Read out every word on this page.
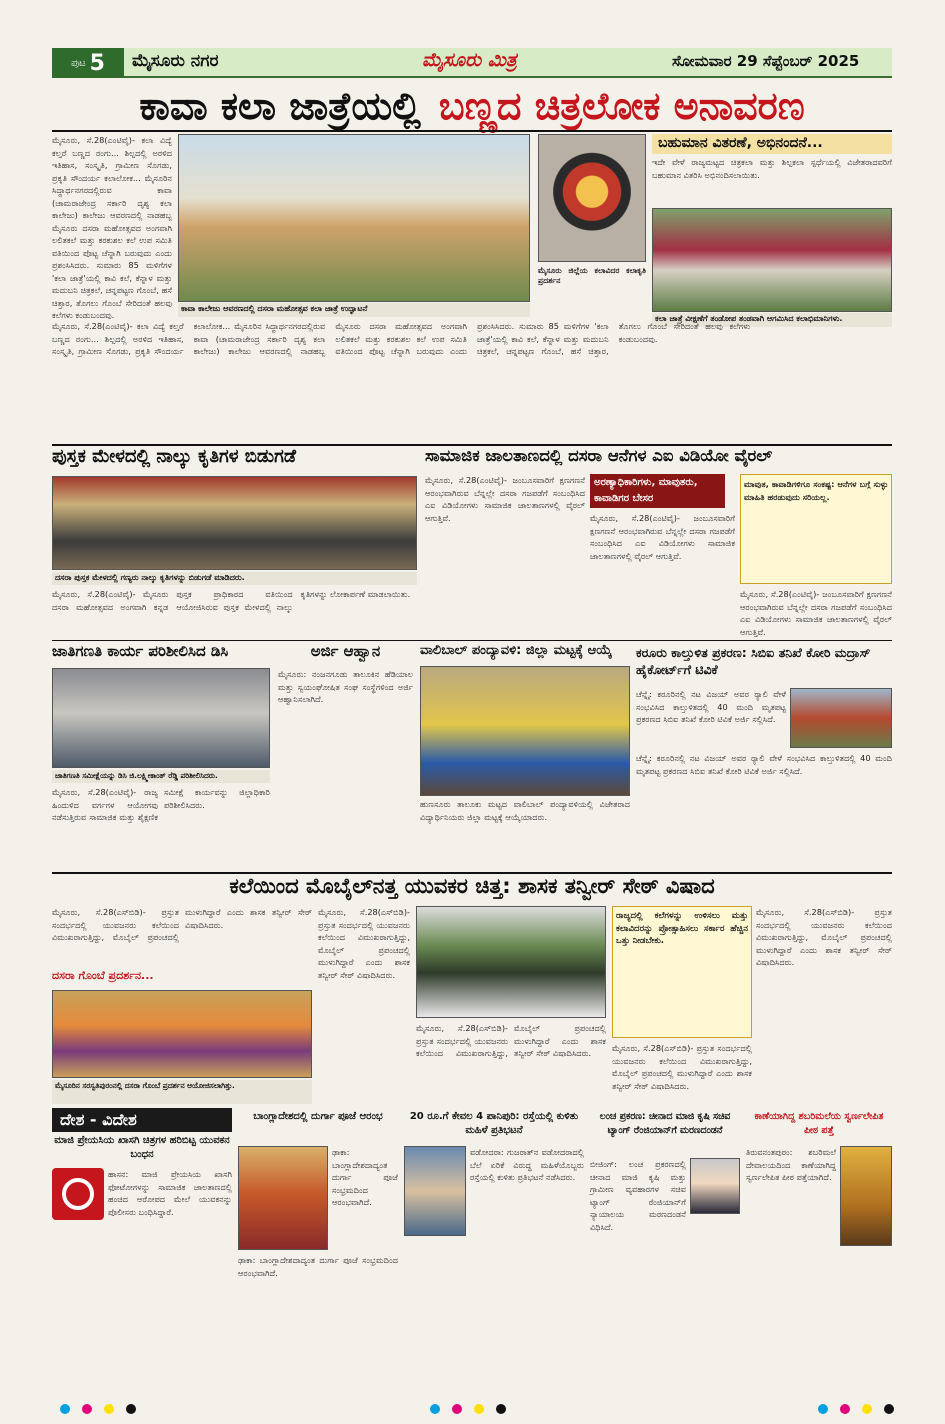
ಪುಟ 5 ಮೈಸೂರು ನಗರ	ಮೈಸೂರು ಮಿತ್ರ	ಸೋಮವಾರ 29 ಸೆಪ್ಟೆಂಬರ್ 2025
ಕಾವಾ ಕಲಾ ಜಾತ್ರೆಯಲ್ಲಿ ಬಣ್ಣದ ಚಿತ್ರಲೋಕ ಅನಾವರಣ
ಮೈಸೂರು, ಸೆ.28(ಎಂಟಿವೈ)- ಕಲಾ ವಿದ್ಯೆ ಕಲ್ತರೆ ಬಣ್ಣದ ರಂಗು... ಶಿಲ್ಪದಲ್ಲಿ ಅರಳಿದ ಇತಿಹಾಸ, ಸಂಸ್ಕೃತಿ, ಗ್ರಾಮೀಣ ಸೊಗಡು, ಪ್ರಕೃತಿ ಸೌಂದರ್ಯ ಕಲಾಲೋಕ... ಮೈಸೂರಿನ ಸಿದ್ಧಾರ್ಥನಗರದಲ್ಲಿರುವ ಕಾವಾ (ಚಾಮರಾಜೇಂದ್ರ ಸರ್ಕಾರಿ ದೃಶ್ಯ ಕಲಾ ಕಾಲೇಜು) ಕಾಲೇಜು ಆವರಣದಲ್ಲಿ ನಾಡಹಬ್ಬ ಮೈಸೂರು ದಸರಾ ಮಹೋತ್ಸವದ ಅಂಗವಾಗಿ ಲಲಿತಕಲೆ ಮತ್ತು ಕರಕುಶಲ ಕಲೆ ಉಪ ಸಮಿತಿ ವತಿಯಿಂದ ಪೊಟ್ಟ ಚೆನ್ನಾಗಿ ಬರುವುದು ಎಂದು ಪ್ರಶಂಸಿಸಿದರು. ಸುಮಾರು 85 ಮಳಿಗೆಗಳ 'ಕಲಾ ಜಾತ್ರೆ'ಯಲ್ಲಿ ಕಾವಿ ಕಲೆ, ಕೆನ್ನಾಳ ಮತ್ತು ಮದುಬನಿ ಚಿತ್ರಕಲೆ, ಚನ್ನಪಟ್ಟಣ ಗೊಂಬೆ, ಹಸೆ ಚಿತ್ತಾರ, ತೊಗಲು ಗೊಂಬೆ ಸೇರಿದಂತೆ ಹಲವು ಕಲೆಗಳು ಕಂಡುಬಂದವು.
ಕಾವಾ ಕಾಲೇಜು ಆವರಣದಲ್ಲಿ ದಸರಾ ಮಹೋತ್ಸವ ಕಲಾ ಜಾತ್ರೆ ಉದ್ಘಾಟನೆ
ಮೈಸೂರು ಜಿಲ್ಲೆಯ ಕಲಾವಿದರ ಕಲಾಕೃತಿ ಪ್ರದರ್ಶನ
ಬಹುಮಾನ ವಿತರಣೆ, ಅಭಿನಂದನೆ...
ಇದೇ ವೇಳೆ ರಾಜ್ಯಮಟ್ಟದ ಚಿತ್ರಕಲಾ ಮತ್ತು ಶಿಲ್ಪಕಲಾ ಸ್ಪರ್ಧೆಯಲ್ಲಿ ವಿಜೇತರಾದವರಿಗೆ ಬಹುಮಾನ ವಿತರಿಸಿ ಅಭಿನಂದಿಸಲಾಯಿತು.
ಕಲಾ ಜಾತ್ರೆ ವೀಕ್ಷಣೆಗೆ ತಂಡೋಪ ತಂಡವಾಗಿ ಆಗಮಿಸಿದ ಕಲಾಭಿಮಾನಿಗಳು.
ಮೈಸೂರು, ಸೆ.28(ಎಂಟಿವೈ)- ಕಲಾ ವಿದ್ಯೆ ಕಲ್ತರೆ ಬಣ್ಣದ ರಂಗು... ಶಿಲ್ಪದಲ್ಲಿ ಅರಳಿದ ಇತಿಹಾಸ, ಸಂಸ್ಕೃತಿ, ಗ್ರಾಮೀಣ ಸೊಗಡು, ಪ್ರಕೃತಿ ಸೌಂದರ್ಯ ಕಲಾಲೋಕ... ಮೈಸೂರಿನ ಸಿದ್ಧಾರ್ಥನಗರದಲ್ಲಿರುವ ಕಾವಾ (ಚಾಮರಾಜೇಂದ್ರ ಸರ್ಕಾರಿ ದೃಶ್ಯ ಕಲಾ ಕಾಲೇಜು) ಕಾಲೇಜು ಆವರಣದಲ್ಲಿ ನಾಡಹಬ್ಬ ಮೈಸೂರು ದಸರಾ ಮಹೋತ್ಸವದ ಅಂಗವಾಗಿ ಲಲಿತಕಲೆ ಮತ್ತು ಕರಕುಶಲ ಕಲೆ ಉಪ ಸಮಿತಿ ವತಿಯಿಂದ ಪೊಟ್ಟ ಚೆನ್ನಾಗಿ ಬರುವುದು ಎಂದು ಪ್ರಶಂಸಿಸಿದರು. ಸುಮಾರು 85 ಮಳಿಗೆಗಳ 'ಕಲಾ ಜಾತ್ರೆ'ಯಲ್ಲಿ ಕಾವಿ ಕಲೆ, ಕೆನ್ನಾಳ ಮತ್ತು ಮದುಬನಿ ಚಿತ್ರಕಲೆ, ಚನ್ನಪಟ್ಟಣ ಗೊಂಬೆ, ಹಸೆ ಚಿತ್ತಾರ, ತೊಗಲು ಗೊಂಬೆ ಸೇರಿದಂತೆ ಹಲವು ಕಲೆಗಳು ಕಂಡುಬಂದವು.
ಪುಸ್ತಕ ಮೇಳದಲ್ಲಿ ನಾಲ್ಕು ಕೃತಿಗಳ ಬಿಡುಗಡೆ
ದಸರಾ ಪುಸ್ತಕ ಮೇಳದಲ್ಲಿ ಗಣ್ಯರು ನಾಲ್ಕು ಕೃತಿಗಳನ್ನು ಬಿಡುಗಡೆ ಮಾಡಿದರು.
ಮೈಸೂರು, ಸೆ.28(ಎಂಟಿವೈ)- ಮೈಸೂರು ದಸರಾ ಮಹೋತ್ಸವದ ಅಂಗವಾಗಿ ಕನ್ನಡ ಪುಸ್ತಕ ಪ್ರಾಧಿಕಾರದ ವತಿಯಿಂದ ಆಯೋಜಿಸಿರುವ ಪುಸ್ತಕ ಮೇಳದಲ್ಲಿ ನಾಲ್ಕು ಕೃತಿಗಳನ್ನು ಲೋಕಾರ್ಪಣೆ ಮಾಡಲಾಯಿತು.
ಸಾಮಾಜಿಕ ಜಾಲತಾಣದಲ್ಲಿ ದಸರಾ ಆನೆಗಳ ಎಐ ವಿಡಿಯೋ ವೈರಲ್
ಅರಣ್ಯಾಧಿಕಾರಿಗಳು, ಮಾವುತರು, ಕಾವಾಡಿಗರ ಬೇಸರ
ಮೈಸೂರು, ಸೆ.28(ಎಂಟಿವೈ)- ಜಂಬೂಸವಾರಿಗೆ ಕ್ಷಣಗಣನೆ ಆರಂಭವಾಗಿರುವ ಬೆನ್ನಲ್ಲೇ ದಸರಾ ಗಜಪಡೆಗೆ ಸಂಬಂಧಿಸಿದ ಎಐ ವಿಡಿಯೋಗಳು ಸಾಮಾಜಿಕ ಜಾಲತಾಣಗಳಲ್ಲಿ ವೈರಲ್ ಆಗುತ್ತಿವೆ.	ಮೈಸೂರು, ಸೆ.28(ಎಂಟಿವೈ)- ಜಂಬೂಸವಾರಿಗೆ ಕ್ಷಣಗಣನೆ ಆರಂಭವಾಗಿರುವ ಬೆನ್ನಲ್ಲೇ ದಸರಾ ಗಜಪಡೆಗೆ ಸಂಬಂಧಿಸಿದ ಎಐ ವಿಡಿಯೋಗಳು ಸಾಮಾಜಿಕ ಜಾಲತಾಣಗಳಲ್ಲಿ ವೈರಲ್ ಆಗುತ್ತಿವೆ.
ಮಾವುತ, ಕಾವಾಡಿಗಳಿಗೂ ಸಂಕಷ್ಟ: ಆನೆಗಳ ಬಗ್ಗೆ ಸುಳ್ಳು ಮಾಹಿತಿ ಹರಡುವುದು ಸರಿಯಲ್ಲ.
ಮೈಸೂರು, ಸೆ.28(ಎಂಟಿವೈ)- ಜಂಬೂಸವಾರಿಗೆ ಕ್ಷಣಗಣನೆ ಆರಂಭವಾಗಿರುವ ಬೆನ್ನಲ್ಲೇ ದಸರಾ ಗಜಪಡೆಗೆ ಸಂಬಂಧಿಸಿದ ಎಐ ವಿಡಿಯೋಗಳು ಸಾಮಾಜಿಕ ಜಾಲತಾಣಗಳಲ್ಲಿ ವೈರಲ್ ಆಗುತ್ತಿವೆ.
ಜಾತಿಗಣತಿ ಕಾರ್ಯ ಪರಿಶೀಲಿಸಿದ ಡಿಸಿ
ಜಾತಿಗಣತಿ ಸಮೀಕ್ಷೆಯನ್ನು ಡಿಸಿ ಜಿ.ಲಕ್ಷ್ಮೀಕಾಂತ್ ರೆಡ್ಡಿ ಪರಿಶೀಲಿಸಿದರು.
ಮೈಸೂರು, ಸೆ.28(ಎಂಟಿವೈ)- ರಾಜ್ಯ ಹಿಂದುಳಿದ ವರ್ಗಗಳ ಆಯೋಗವು ನಡೆಸುತ್ತಿರುವ ಸಾಮಾಜಿಕ ಮತ್ತು ಶೈಕ್ಷಣಿಕ ಸಮೀಕ್ಷೆ ಕಾರ್ಯವನ್ನು ಜಿಲ್ಲಾಧಿಕಾರಿ ಪರಿಶೀಲಿಸಿದರು.
ಅರ್ಜಿ ಆಹ್ವಾನ
ಮೈಸೂರು: ನಂಜನಗೂಡು ತಾಲೂಕಿನ ಹೆಡಿಯಾಲ ಮತ್ತು ಸ್ವಯಂಘೋಷಿತ ಸಂಘ ಸಂಸ್ಥೆಗಳಿಂದ ಅರ್ಜಿ ಆಹ್ವಾನಿಸಲಾಗಿದೆ.
ವಾಲಿಬಾಲ್ ಪಂದ್ಯಾವಳಿ: ಜಿಲ್ಲಾ ಮಟ್ಟಕ್ಕೆ ಆಯ್ಕೆ
ಹುಣಸೂರು ತಾಲೂಕು ಮಟ್ಟದ ವಾಲಿಬಾಲ್ ಪಂದ್ಯಾವಳಿಯಲ್ಲಿ ವಿಜೇತರಾದ ವಿದ್ಯಾರ್ಥಿನಿಯರು ಜಿಲ್ಲಾ ಮಟ್ಟಕ್ಕೆ ಆಯ್ಕೆಯಾದರು.
ಕರೂರು ಕಾಲ್ತುಳಿತ ಪ್ರಕರಣ: ಸಿಬಿಐ ತನಿಖೆ ಕೋರಿ ಮದ್ರಾಸ್ ಹೈಕೋರ್ಟ್‌ಗೆ ಟಿವಿಕೆ
ಚೆನ್ನೈ: ಕರೂರಿನಲ್ಲಿ ನಟ ವಿಜಯ್ ಅವರ ರ‍್ಯಾಲಿ ವೇಳೆ ಸಂಭವಿಸಿದ ಕಾಲ್ತುಳಿತದಲ್ಲಿ 40 ಮಂದಿ ಮೃತಪಟ್ಟ ಪ್ರಕರಣದ ಸಿಬಿಐ ತನಿಖೆ ಕೋರಿ ಟಿವಿಕೆ ಅರ್ಜಿ ಸಲ್ಲಿಸಿದೆ.
ಚೆನ್ನೈ: ಕರೂರಿನಲ್ಲಿ ನಟ ವಿಜಯ್ ಅವರ ರ‍್ಯಾಲಿ ವೇಳೆ ಸಂಭವಿಸಿದ ಕಾಲ್ತುಳಿತದಲ್ಲಿ 40 ಮಂದಿ ಮೃತಪಟ್ಟ ಪ್ರಕರಣದ ಸಿಬಿಐ ತನಿಖೆ ಕೋರಿ ಟಿವಿಕೆ ಅರ್ಜಿ ಸಲ್ಲಿಸಿದೆ.
ಕಲೆಯಿಂದ ಮೊಬೈಲ್‌ನತ್ತ ಯುವಕರ ಚಿತ್ತ: ಶಾಸಕ ತನ್ವೀರ್ ಸೇಠ್ ವಿಷಾದ
ಮೈಸೂರು, ಸೆ.28(ಎಸ್‌ಬಿಡಿ)- ಪ್ರಸ್ತುತ ಸಂದರ್ಭದಲ್ಲಿ ಯುವಜನರು ಕಲೆಯಿಂದ ವಿಮುಖರಾಗುತ್ತಿದ್ದು, ಮೊಬೈಲ್ ಪ್ರಪಂಚದಲ್ಲಿ ಮುಳುಗಿದ್ದಾರೆ ಎಂದು ಶಾಸಕ ತನ್ವೀರ್ ಸೇಠ್ ವಿಷಾದಿಸಿದರು.
ದಸರಾ ಗೊಂಬೆ ಪ್ರದರ್ಶನ...
ಮೈಸೂರಿನ ಸರಸ್ವತಿಪುರಂನಲ್ಲಿ ದಸರಾ ಗೊಂಬೆ ಪ್ರದರ್ಶನ ಆಯೋಜಿಸಲಾಗಿತ್ತು.
ಮೈಸೂರು, ಸೆ.28(ಎಸ್‌ಬಿಡಿ)- ಪ್ರಸ್ತುತ ಸಂದರ್ಭದಲ್ಲಿ ಯುವಜನರು ಕಲೆಯಿಂದ ವಿಮುಖರಾಗುತ್ತಿದ್ದು, ಮೊಬೈಲ್ ಪ್ರಪಂಚದಲ್ಲಿ ಮುಳುಗಿದ್ದಾರೆ ಎಂದು ಶಾಸಕ ತನ್ವೀರ್ ಸೇಠ್ ವಿಷಾದಿಸಿದರು.
ಮೈಸೂರು, ಸೆ.28(ಎಸ್‌ಬಿಡಿ)- ಪ್ರಸ್ತುತ ಸಂದರ್ಭದಲ್ಲಿ ಯುವಜನರು ಕಲೆಯಿಂದ ವಿಮುಖರಾಗುತ್ತಿದ್ದು, ಮೊಬೈಲ್ ಪ್ರಪಂಚದಲ್ಲಿ ಮುಳುಗಿದ್ದಾರೆ ಎಂದು ಶಾಸಕ ತನ್ವೀರ್ ಸೇಠ್ ವಿಷಾದಿಸಿದರು.
ರಾಜ್ಯದಲ್ಲಿ ಕಲೆಗಳನ್ನು ಉಳಿಸಲು ಮತ್ತು ಕಲಾವಿದರನ್ನು ಪ್ರೋತ್ಸಾಹಿಸಲು ಸರ್ಕಾರ ಹೆಚ್ಚಿನ ಒತ್ತು ನೀಡಬೇಕು.
ಮೈಸೂರು, ಸೆ.28(ಎಸ್‌ಬಿಡಿ)- ಪ್ರಸ್ತುತ ಸಂದರ್ಭದಲ್ಲಿ ಯುವಜನರು ಕಲೆಯಿಂದ ವಿಮುಖರಾಗುತ್ತಿದ್ದು, ಮೊಬೈಲ್ ಪ್ರಪಂಚದಲ್ಲಿ ಮುಳುಗಿದ್ದಾರೆ ಎಂದು ಶಾಸಕ ತನ್ವೀರ್ ಸೇಠ್ ವಿಷಾದಿಸಿದರು.
ಮೈಸೂರು, ಸೆ.28(ಎಸ್‌ಬಿಡಿ)- ಪ್ರಸ್ತುತ ಸಂದರ್ಭದಲ್ಲಿ ಯುವಜನರು ಕಲೆಯಿಂದ ವಿಮುಖರಾಗುತ್ತಿದ್ದು, ಮೊಬೈಲ್ ಪ್ರಪಂಚದಲ್ಲಿ ಮುಳುಗಿದ್ದಾರೆ ಎಂದು ಶಾಸಕ ತನ್ವೀರ್ ಸೇಠ್ ವಿಷಾದಿಸಿದರು.
ದೇಶ - ವಿದೇಶ
ಮಾಜಿ ಪ್ರೇಯಸಿಯ ಖಾಸಗಿ ಚಿತ್ರಗಳ ಹರಿಬಿಟ್ಟ ಯುವಕನ ಬಂಧನ
ಹಾಸನ: ಮಾಜಿ ಪ್ರೇಯಸಿಯ ಖಾಸಗಿ ಫೋಟೋಗಳನ್ನು ಸಾಮಾಜಿಕ ಜಾಲತಾಣದಲ್ಲಿ ಹಂಚಿದ ಆರೋಪದ ಮೇಲೆ ಯುವಕನನ್ನು ಪೊಲೀಸರು ಬಂಧಿಸಿದ್ದಾರೆ.
ಬಾಂಗ್ಲಾದೇಶದಲ್ಲಿ ದುರ್ಗಾ ಪೂಜೆ ಆರಂಭ
ಢಾಕಾ: ಬಾಂಗ್ಲಾದೇಶದಾದ್ಯಂತ ದುರ್ಗಾ ಪೂಜೆ ಸಂಭ್ರಮದಿಂದ ಆರಂಭವಾಗಿದೆ.
ಢಾಕಾ: ಬಾಂಗ್ಲಾದೇಶದಾದ್ಯಂತ ದುರ್ಗಾ ಪೂಜೆ ಸಂಭ್ರಮದಿಂದ ಆರಂಭವಾಗಿದೆ.
20 ರೂ.ಗೆ ಕೇವಲ 4 ಪಾನಿಪುರಿ: ರಸ್ತೆಯಲ್ಲಿ ಕುಳಿತು ಮಹಿಳೆ ಪ್ರತಿಭಟನೆ
ವಡೋದರಾ: ಗುಜರಾತ್‌ನ ವಡೋದರಾದಲ್ಲಿ ಬೆಲೆ ಏರಿಕೆ ವಿರುದ್ಧ ಮಹಿಳೆಯೊಬ್ಬರು ರಸ್ತೆಯಲ್ಲಿ ಕುಳಿತು ಪ್ರತಿಭಟನೆ ನಡೆಸಿದರು.
ಲಂಚ ಪ್ರಕರಣ: ಚೀನಾದ ಮಾಜಿ ಕೃಷಿ ಸಚಿವ ಟ್ಯಾಂಗ್ ರೆಂಜಿಯಾನ್‌ಗೆ ಮರಣದಂಡನೆ
ಬೀಜಿಂಗ್: ಲಂಚ ಪ್ರಕರಣದಲ್ಲಿ ಚೀನಾದ ಮಾಜಿ ಕೃಷಿ ಮತ್ತು ಗ್ರಾಮೀಣ ವ್ಯವಹಾರಗಳ ಸಚಿವ ಟ್ಯಾಂಗ್ ರೆಂಜಿಯಾನ್‌ಗೆ ನ್ಯಾಯಾಲಯ ಮರಣದಂಡನೆ ವಿಧಿಸಿದೆ.
ಕಾಣೆಯಾಗಿದ್ದ ಶಬರಿಮಲೆಯ ಸ್ವರ್ಣಲೇಪಿತ ಪೀಠ ಪತ್ತೆ
ತಿರುವನಂತಪುರಂ: ಶಬರಿಮಲೆ ದೇವಾಲಯದಿಂದ ಕಾಣೆಯಾಗಿದ್ದ ಸ್ವರ್ಣಲೇಪಿತ ಪೀಠ ಪತ್ತೆಯಾಗಿದೆ.
